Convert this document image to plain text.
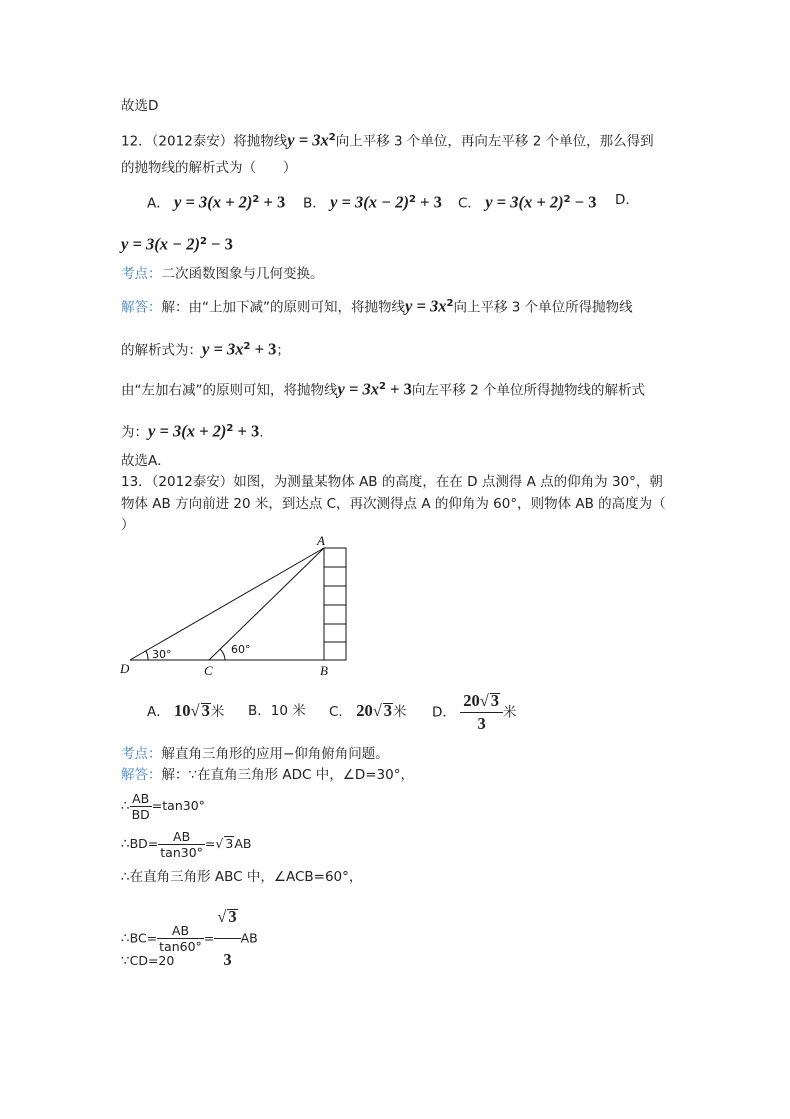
故选D
12．（2012泰安）将抛物线$y = 3x^2$向上平移 3 个单位，再向左平移 2 个单位，那么得到
的抛物线的解析式为（　　）
A． $y = 3(x + 2)^2 + 3$ B． $y = 3(x - 2)^2 + 3$ C． $y = 3(x + 2)^2 - 3$ D．
$y = 3(x - 2)^2 - 3$
考点：二次函数图象与几何变换。
解答：解：由“上加下减”的原则可知，将抛物线$y = 3x^2$向上平移 3 个单位所得抛物线
的解析式为：$y = 3x^2 + 3$；
由“左加右减”的原则可知，将抛物线$y = 3x^2 + 3$向左平移 2 个单位所得抛物线的解析式
为：$y = 3(x + 2)^2 + 3$.
故选A．
13．（2012泰安）如图，为测量某物体 AB 的高度，在在 D 点测得 A 点的仰角为 30°，朝
物体 AB 方向前进 20 米，到达点 C，再次测得点 A 的仰角为 60°，则物体 AB 的高度为（
）
A
B
C
D
30°	60°
A． 10√ 3米 B．10 米 C． 20√ 3米 D． $\frac{20√ 3}{3}$ 米
考点：解直角三角形的应用−仰角俯角问题。
解答：解：∵在直角三角形 ADC 中，∠D=30°，
∴ $\frac{AB}{BD} =\tan 30^\circ$
∴BD= $\frac{AB}{\tan 30^\circ}$ =√ 3AB
∴在直角三角形 ABC 中，∠ACB=60°，
∴BC= $\frac{AB}{\tan 60^\circ} = \frac{√ 3}{3}$ AB
∵CD=20
